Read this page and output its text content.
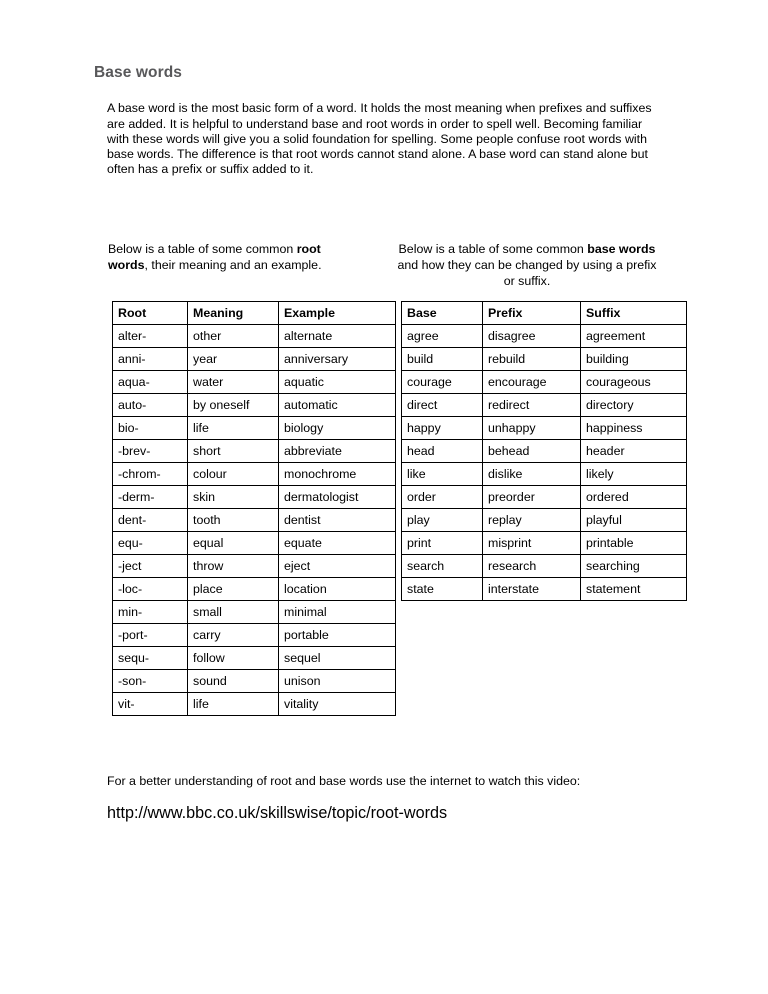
Base words

A base word is the most basic form of a word. It holds the most meaning when prefixes and suffixes are added. It is helpful to understand base and root words in order to spell well. Becoming familiar with these words will give you a solid foundation for spelling. Some people confuse root words with base words. The difference is that root words cannot stand alone. A base word can stand alone but often has a prefix or suffix added to it.

Below is a table of some common root words, their meaning and an example.

Below is a table of some common base words and how they can be changed by using a prefix or suffix.

Root	Meaning	Example
alter-	other	alternate
anni-	year	anniversary
aqua-	water	aquatic
auto-	by oneself	automatic
bio-	life	biology
-brev-	short	abbreviate
-chrom-	colour	monochrome
-derm-	skin	dermatologist
dent-	tooth	dentist
equ-	equal	equate
-ject	throw	eject
-loc-	place	location
min-	small	minimal
-port-	carry	portable
sequ-	follow	sequel
-son-	sound	unison
vit-	life	vitality
Base	Prefix	Suffix
agree	disagree	agreement
build	rebuild	building
courage	encourage	courageous
direct	redirect	directory
happy	unhappy	happiness
head	behead	header
like	dislike	likely
order	preorder	ordered
play	replay	playful
print	misprint	printable
search	research	searching
state	interstate	statement

For a better understanding of root and base words use the internet to watch this video:

http://www.bbc.co.uk/skillswise/topic/root-words
